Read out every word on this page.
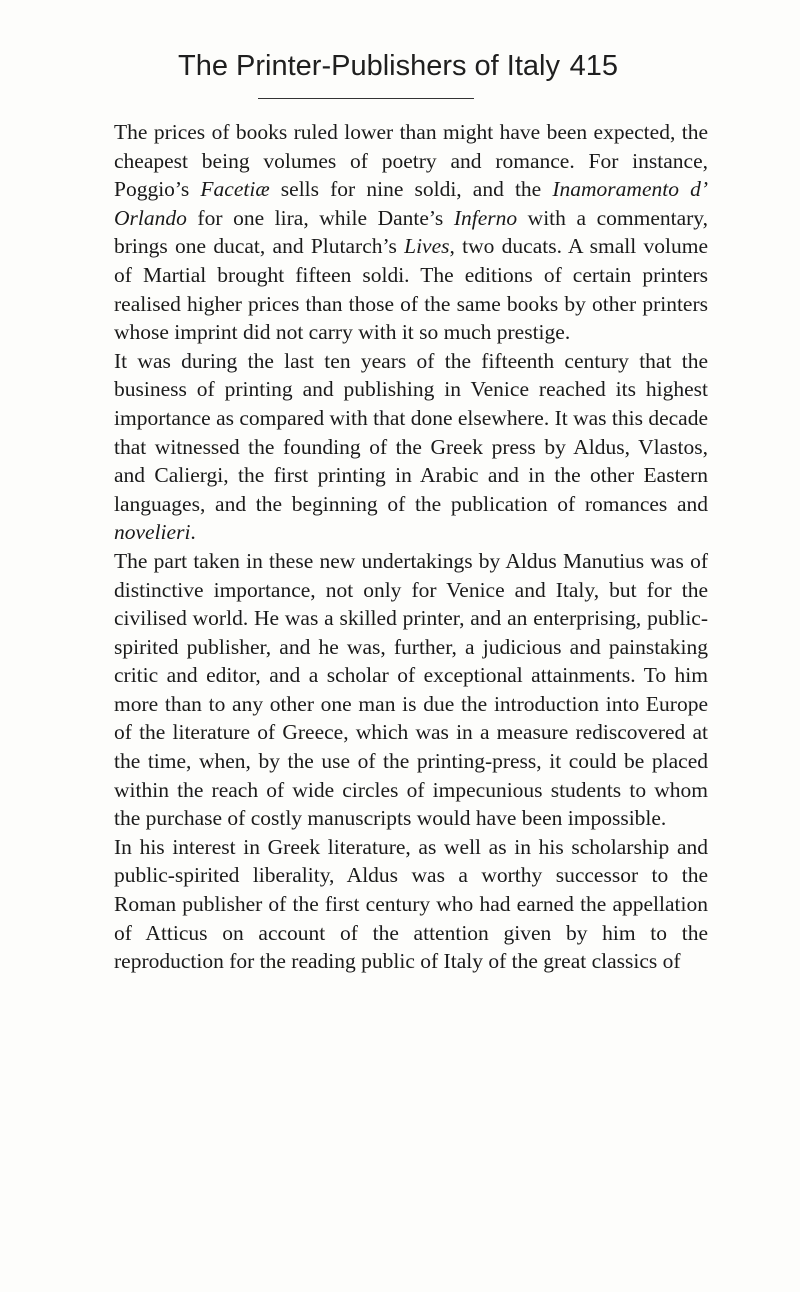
The Printer-Publishers of Italy 415

The prices of books ruled lower than might have been expected, the cheapest being volumes of poetry and romance. For instance, Poggio’s Facetiæ sells for nine soldi, and the Inamoramento d’ Orlando for one lira, while Dante’s Inferno with a commentary, brings one ducat, and Plutarch’s Lives, two ducats. A small volume of Martial brought fifteen soldi. The editions of certain printers realised higher prices than those of the same books by other printers whose imprint did not carry with it so much prestige.

It was during the last ten years of the fifteenth century that the business of printing and publishing in Venice reached its highest importance as compared with that done elsewhere. It was this decade that witnessed the founding of the Greek press by Aldus, Vlastos, and Caliergi, the first printing in Arabic and in the other Eastern languages, and the beginning of the publication of romances and novelieri.

The part taken in these new undertakings by Aldus Manutius was of distinctive importance, not only for Venice and Italy, but for the civilised world. He was a skilled printer, and an enterprising, public-spirited publisher, and he was, further, a judicious and painstaking critic and editor, and a scholar of exceptional attainments. To him more than to any other one man is due the introduction into Europe of the literature of Greece, which was in a measure rediscovered at the time, when, by the use of the printing-press, it could be placed within the reach of wide circles of impecunious students to whom the purchase of costly manuscripts would have been impossible.

In his interest in Greek literature, as well as in his scholarship and public-spirited liberality, Aldus was a worthy successor to the Roman publisher of the first century who had earned the appellation of Atticus on account of the attention given by him to the reproduction for the reading public of Italy of the great classics of
